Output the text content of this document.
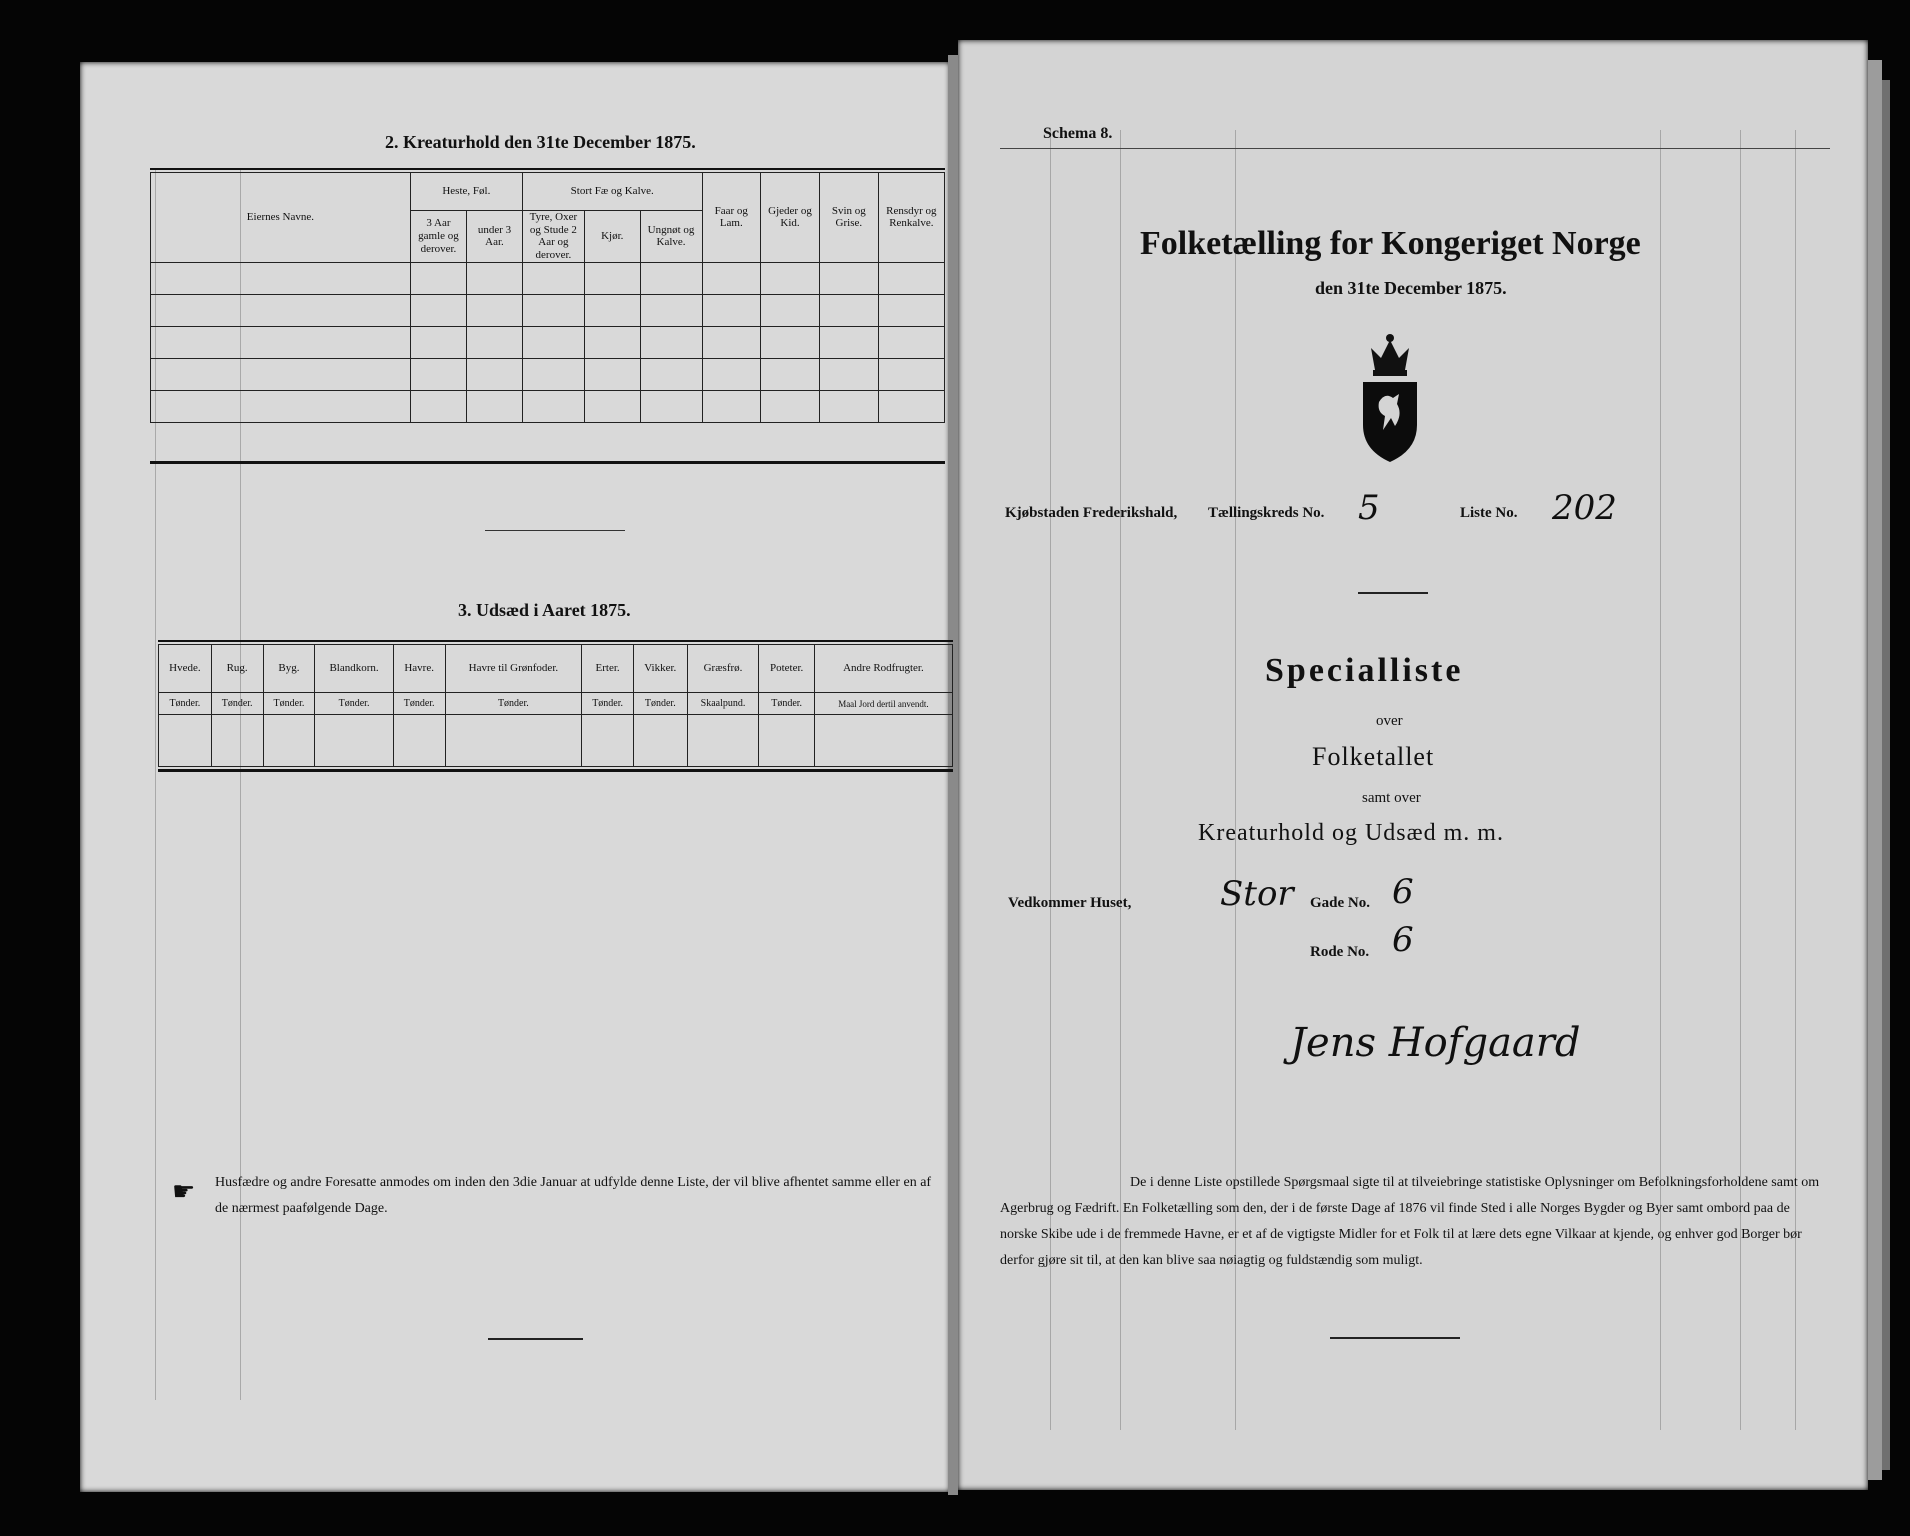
2. Kreaturhold den 31te December 1875.
Eiernes Navne.	Heste, Føl.		Stort Fæ og Kalve.			Faar og Lam.	Gjeder og Kid.	Svin og Grise.	Rensdyr og Renkalve.
	3 Aar gamle og derover.	under 3 Aar.	Tyre, Oxer og Stude 2 Aar og derover.	Kjør.	Ungnøt og Kalve.				

3. Udsæd i Aaret 1875.
Hvede.	Rug.	Byg.	Blandkorn.	Havre.	Havre til Grønfoder.	Erter.	Vikker.	Græsfrø.	Poteter.	Andre Rodfrugter.
Tønder.	Tønder.	Tønder.	Tønder.	Tønder.	Tønder.	Tønder.	Tønder.	Skaalpund.	Tønder.	Maal Jord dertil anvendt.

☛ Husfædre og andre Foresatte anmodes om inden den 3die Januar at udfylde denne Liste, der vil blive afhentet samme eller en af de nærmest paafølgende Dage.
Schema 8.
Folketælling for Kongeriget Norge
den 31te December 1875.
Kjøbstaden Frederikshald, Tællingskreds No. 5	Liste No. 202
Specialliste
over
Folketallet
samt over
Kreaturhold og Udsæd m. m.
Vedkommer Huset,	Stor Gade No. 6
Rode No. 6
Jens Hofgaard
De i denne Liste opstillede Spørgsmaal sigte til at tilveiebringe statistiske Oplysninger om Befolkningsforholdene samt om Agerbrug og Fædrift. En Folketælling som den, der i de første Dage af 1876 vil finde Sted i alle Norges Bygder og Byer samt ombord paa de norske Skibe ude i de fremmede Havne, er et af de vigtigste Midler for et Folk til at lære dets egne Vilkaar at kjende, og enhver god Borger bør derfor gjøre sit til, at den kan blive saa nøiagtig og fuldstændig som muligt.
